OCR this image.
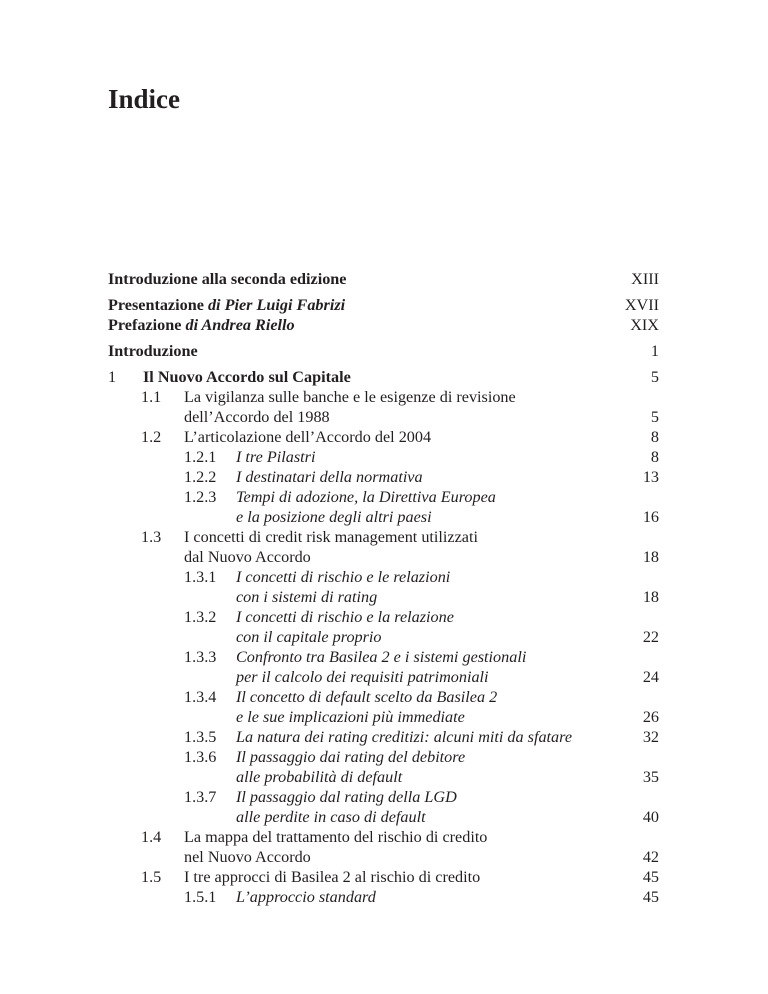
Indice
Introduzione alla seconda edizione	XIII
Presentazione di Pier Luigi Fabrizi	XVII
Prefazione di Andrea Riello	XIX
Introduzione	1
1	Il Nuovo Accordo sul Capitale	5
1.1	La vigilanza sulle banche e le esigenze di revisione
dell’Accordo del 1988	5
1.2	L’articolazione dell’Accordo del 2004	8
1.2.1	I tre Pilastri	8
1.2.2	I destinatari della normativa	13
1.2.3	Tempi di adozione, la Direttiva Europea
e la posizione degli altri paesi	16
1.3	I concetti di credit risk management utilizzati
dal Nuovo Accordo	18
1.3.1	I concetti di rischio e le relazioni
con i sistemi di rating	18
1.3.2	I concetti di rischio e la relazione
con il capitale proprio	22
1.3.3	Confronto tra Basilea 2 e i sistemi gestionali
per il calcolo dei requisiti patrimoniali	24
1.3.4	Il concetto di default scelto da Basilea 2
e le sue implicazioni più immediate	26
1.3.5	La natura dei rating creditizi: alcuni miti da sfatare	32
1.3.6	Il passaggio dai rating del debitore
alle probabilità di default	35
1.3.7	Il passaggio dal rating della LGD
alle perdite in caso di default	40
1.4	La mappa del trattamento del rischio di credito
nel Nuovo Accordo	42
1.5	I tre approcci di Basilea 2 al rischio di credito	45
1.5.1	L’approccio standard	45
